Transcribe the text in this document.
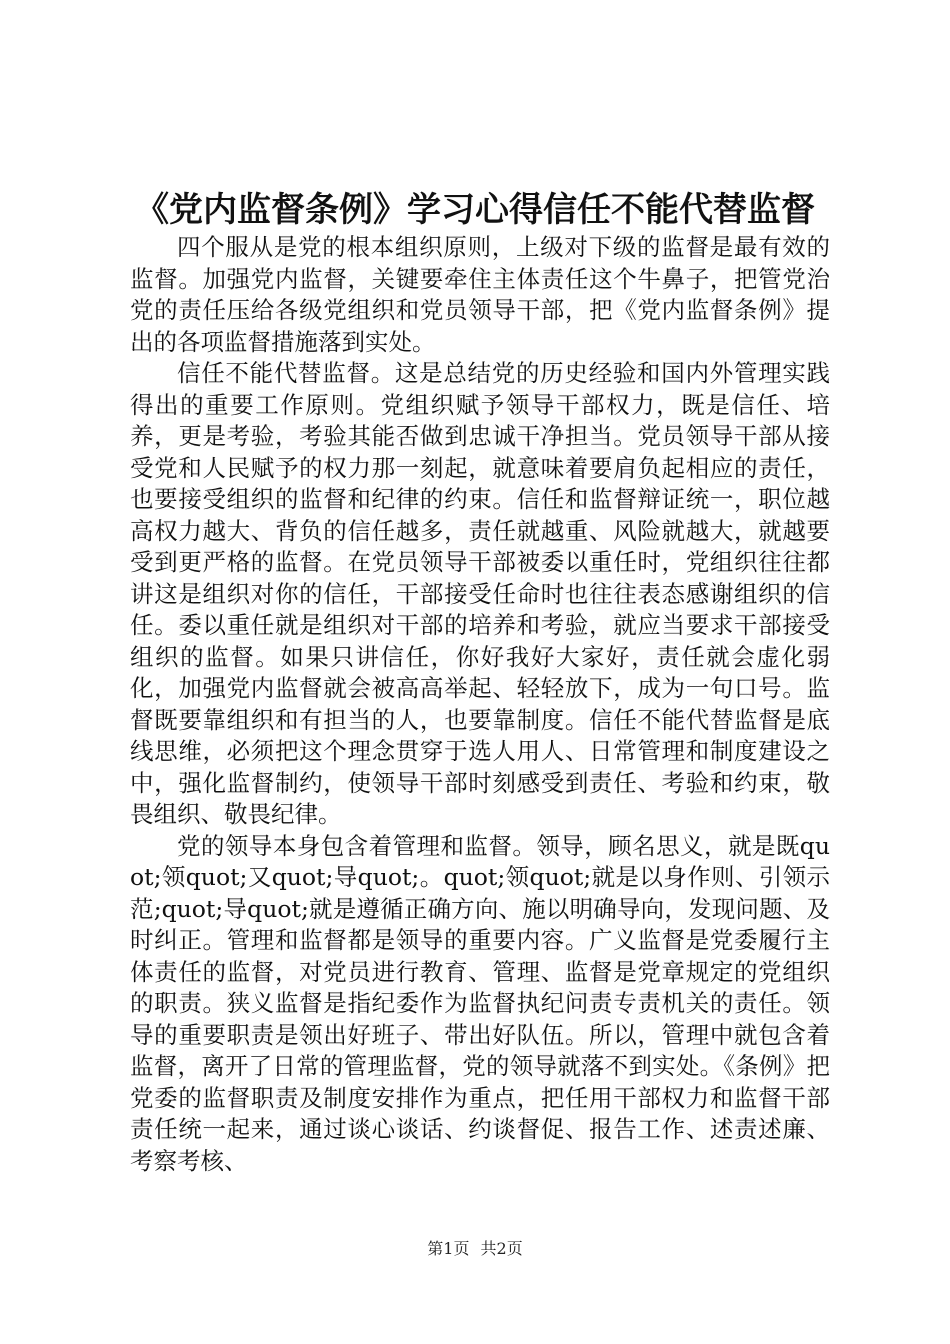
《党内监督条例》学习心得信任不能代替监督

四个服从是党的根本组织原则，上级对下级的监督是最有效的监督。加强党内监督，关键要牵住主体责任这个牛鼻子，把管党治党的责任压给各级党组织和党员领导干部，把《党内监督条例》提出的各项监督措施落到实处。

信任不能代替监督。这是总结党的历史经验和国内外管理实践得出的重要工作原则。党组织赋予领导干部权力，既是信任、培养，更是考验，考验其能否做到忠诚干净担当。党员领导干部从接受党和人民赋予的权力那一刻起，就意味着要肩负起相应的责任，也要接受组织的监督和纪律的约束。信任和监督辩证统一，职位越高权力越大、背负的信任越多，责任就越重、风险就越大，就越要受到更严格的监督。在党员领导干部被委以重任时，党组织往往都讲这是组织对你的信任，干部接受任命时也往往表态感谢组织的信任。委以重任就是组织对干部的培养和考验，就应当要求干部接受组织的监督。如果只讲信任，你好我好大家好，责任就会虚化弱化，加强党内监督就会被高高举起、轻轻放下，成为一句口号。监督既要靠组织和有担当的人，也要靠制度。信任不能代替监督是底线思维，必须把这个理念贯穿于选人用人、日常管理和制度建设之中，强化监督制约，使领导干部时刻感受到责任、考验和约束，敬畏组织、敬畏纪律。

党的领导本身包含着管理和监督。领导，顾名思义，就是既quot;领quot;又quot;导quot;。quot;领quot;就是以身作则、引领示范;quot;导quot;就是遵循正确方向、施以明确导向，发现问题、及时纠正。管理和监督都是领导的重要内容。广义监督是党委履行主体责任的监督，对党员进行教育、管理、监督是党章规定的党组织的职责。狭义监督是指纪委作为监督执纪问责专责机关的责任。领导的重要职责是领出好班子、带出好队伍。所以，管理中就包含着监督，离开了日常的管理监督，党的领导就落不到实处。《条例》把党委的监督职责及制度安排作为重点，把任用干部权力和监督干部责任统一起来，通过谈心谈话、约谈督促、报告工作、述责述廉、考察考核、

第1页 共2页
